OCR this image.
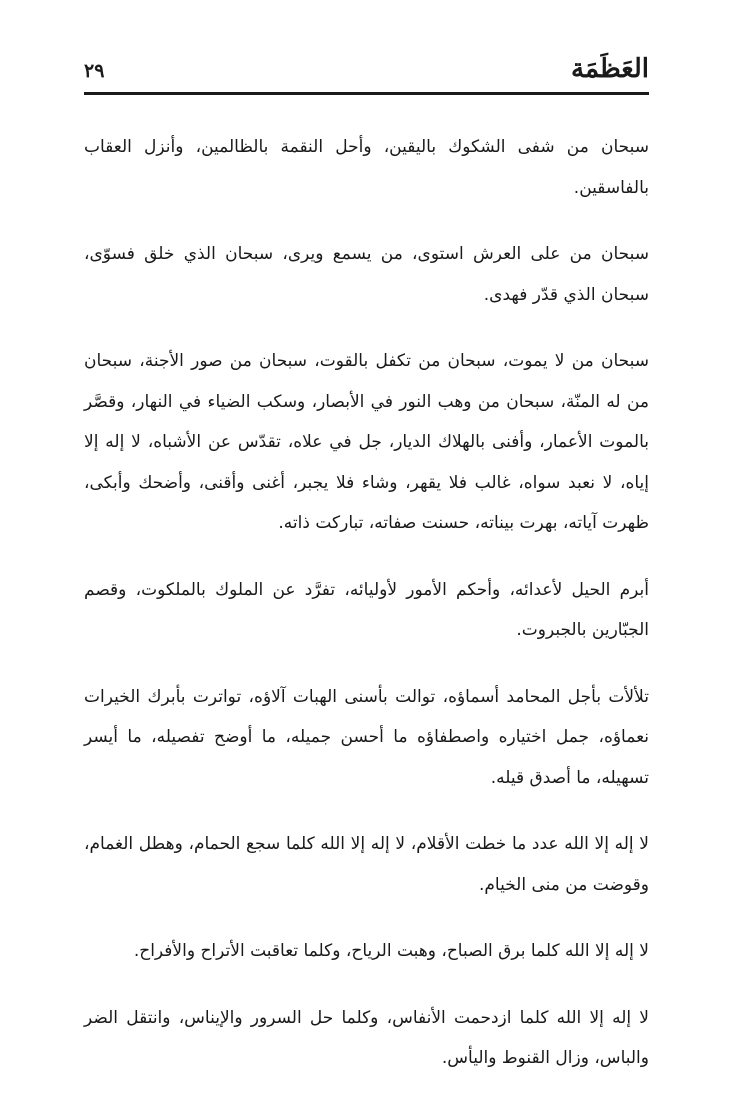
العَظَمَة
٢٩

سبحان من شفى الشكوك باليقين، وأحل النقمة بالظالمين، وأنزل العقاب بالفاسقين.

سبحان من على العرش استوى، من يسمع ويرى، سبحان الذي خلق فسوّى، سبحان الذي قدّر فهدى.

سبحان من لا يموت، سبحان من تكفل بالقوت، سبحان من صور الأجنة، سبحان من له المنّة، سبحان من وهب النور في الأبصار، وسكب الضياء في النهار، وقصَّر بالموت الأعمار، وأفنى بالهلاك الديار، جل في علاه، تقدّس عن الأشباه، لا إله إلا إياه، لا نعبد سواه، غالب فلا يقهر، وشاء فلا يجبر، أغنى وأقنى، وأضحك وأبكى، ظهرت آياته، بهرت بيناته، حسنت صفاته، تباركت ذاته.

أبرم الحيل لأعدائه، وأحكم الأمور لأوليائه، تفرَّد عن الملوك بالملكوت، وقصم الجبّارين بالجبروت.

تلألأت بأجل المحامد أسماؤه، توالت بأسنى الهبات آلاؤه، تواترت بأبرك الخيرات نعماؤه، جمل اختياره واصطفاؤه ما أحسن جميله، ما أوضح تفصيله، ما أيسر تسهيله، ما أصدق قيله.

لا إله إلا الله عدد ما خطت الأقلام، لا إله إلا الله كلما سجع الحمام، وهطل الغمام، وقوضت من منى الخيام.

لا إله إلا الله كلما برق الصباح، وهبت الرياح، وكلما تعاقبت الأتراح والأفراح.

لا إله إلا الله كلما ازدحمت الأنفاس، وكلما حل السرور والإيناس، وانتقل الضر والباس، وزال القنوط واليأس.
